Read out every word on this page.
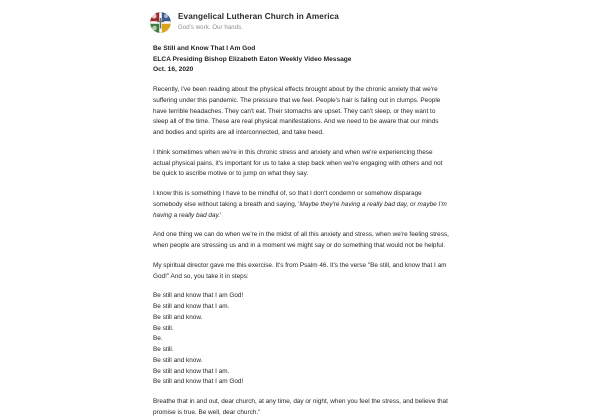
Evangelical Lutheran Church in America
God's work. Our hands.
Be Still and Know That I Am God
ELCA Presiding Bishop Elizabeth Eaton Weekly Video Message
Oct. 16, 2020

Recently, I've been reading about the physical effects brought about by the chronic anxiety that we're suffering under this pandemic. The pressure that we feel. People's hair is falling out in clumps. People have terrible headaches. They can't eat. Their stomachs are upset. They can't sleep, or they want to sleep all of the time. These are real physical manifestations. And we need to be aware that our minds and bodies and spirits are all interconnected, and take heed.

I think sometimes when we're in this chronic stress and anxiety and when we're experiencing these actual physical pains, it's important for us to take a step back when we're engaging with others and not be quick to ascribe motive or to jump on what they say.

I know this is something I have to be mindful of, so that I don't condemn or somehow disparage somebody else without taking a breath and saying, 'Maybe they're having a really bad day, or maybe I'm having a really bad day.'

And one thing we can do when we're in the midst of all this anxiety and stress, when we're feeling stress, when people are stressing us and in a moment we might say or do something that would not be helpful.

My spiritual director gave me this exercise. It's from Psalm 46. It's the verse "Be still, and know that I am God!" And so, you take it in steps:

Be still and know that I am God!
Be still and know that I am.
Be still and know.
Be still.
Be.
Be still.
Be still and know.
Be still and know that I am.
Be still and know that I am God!

Breathe that in and out, dear church, at any time, day or night, when you feel the stress, and believe that promise is true. Be well, dear church."
